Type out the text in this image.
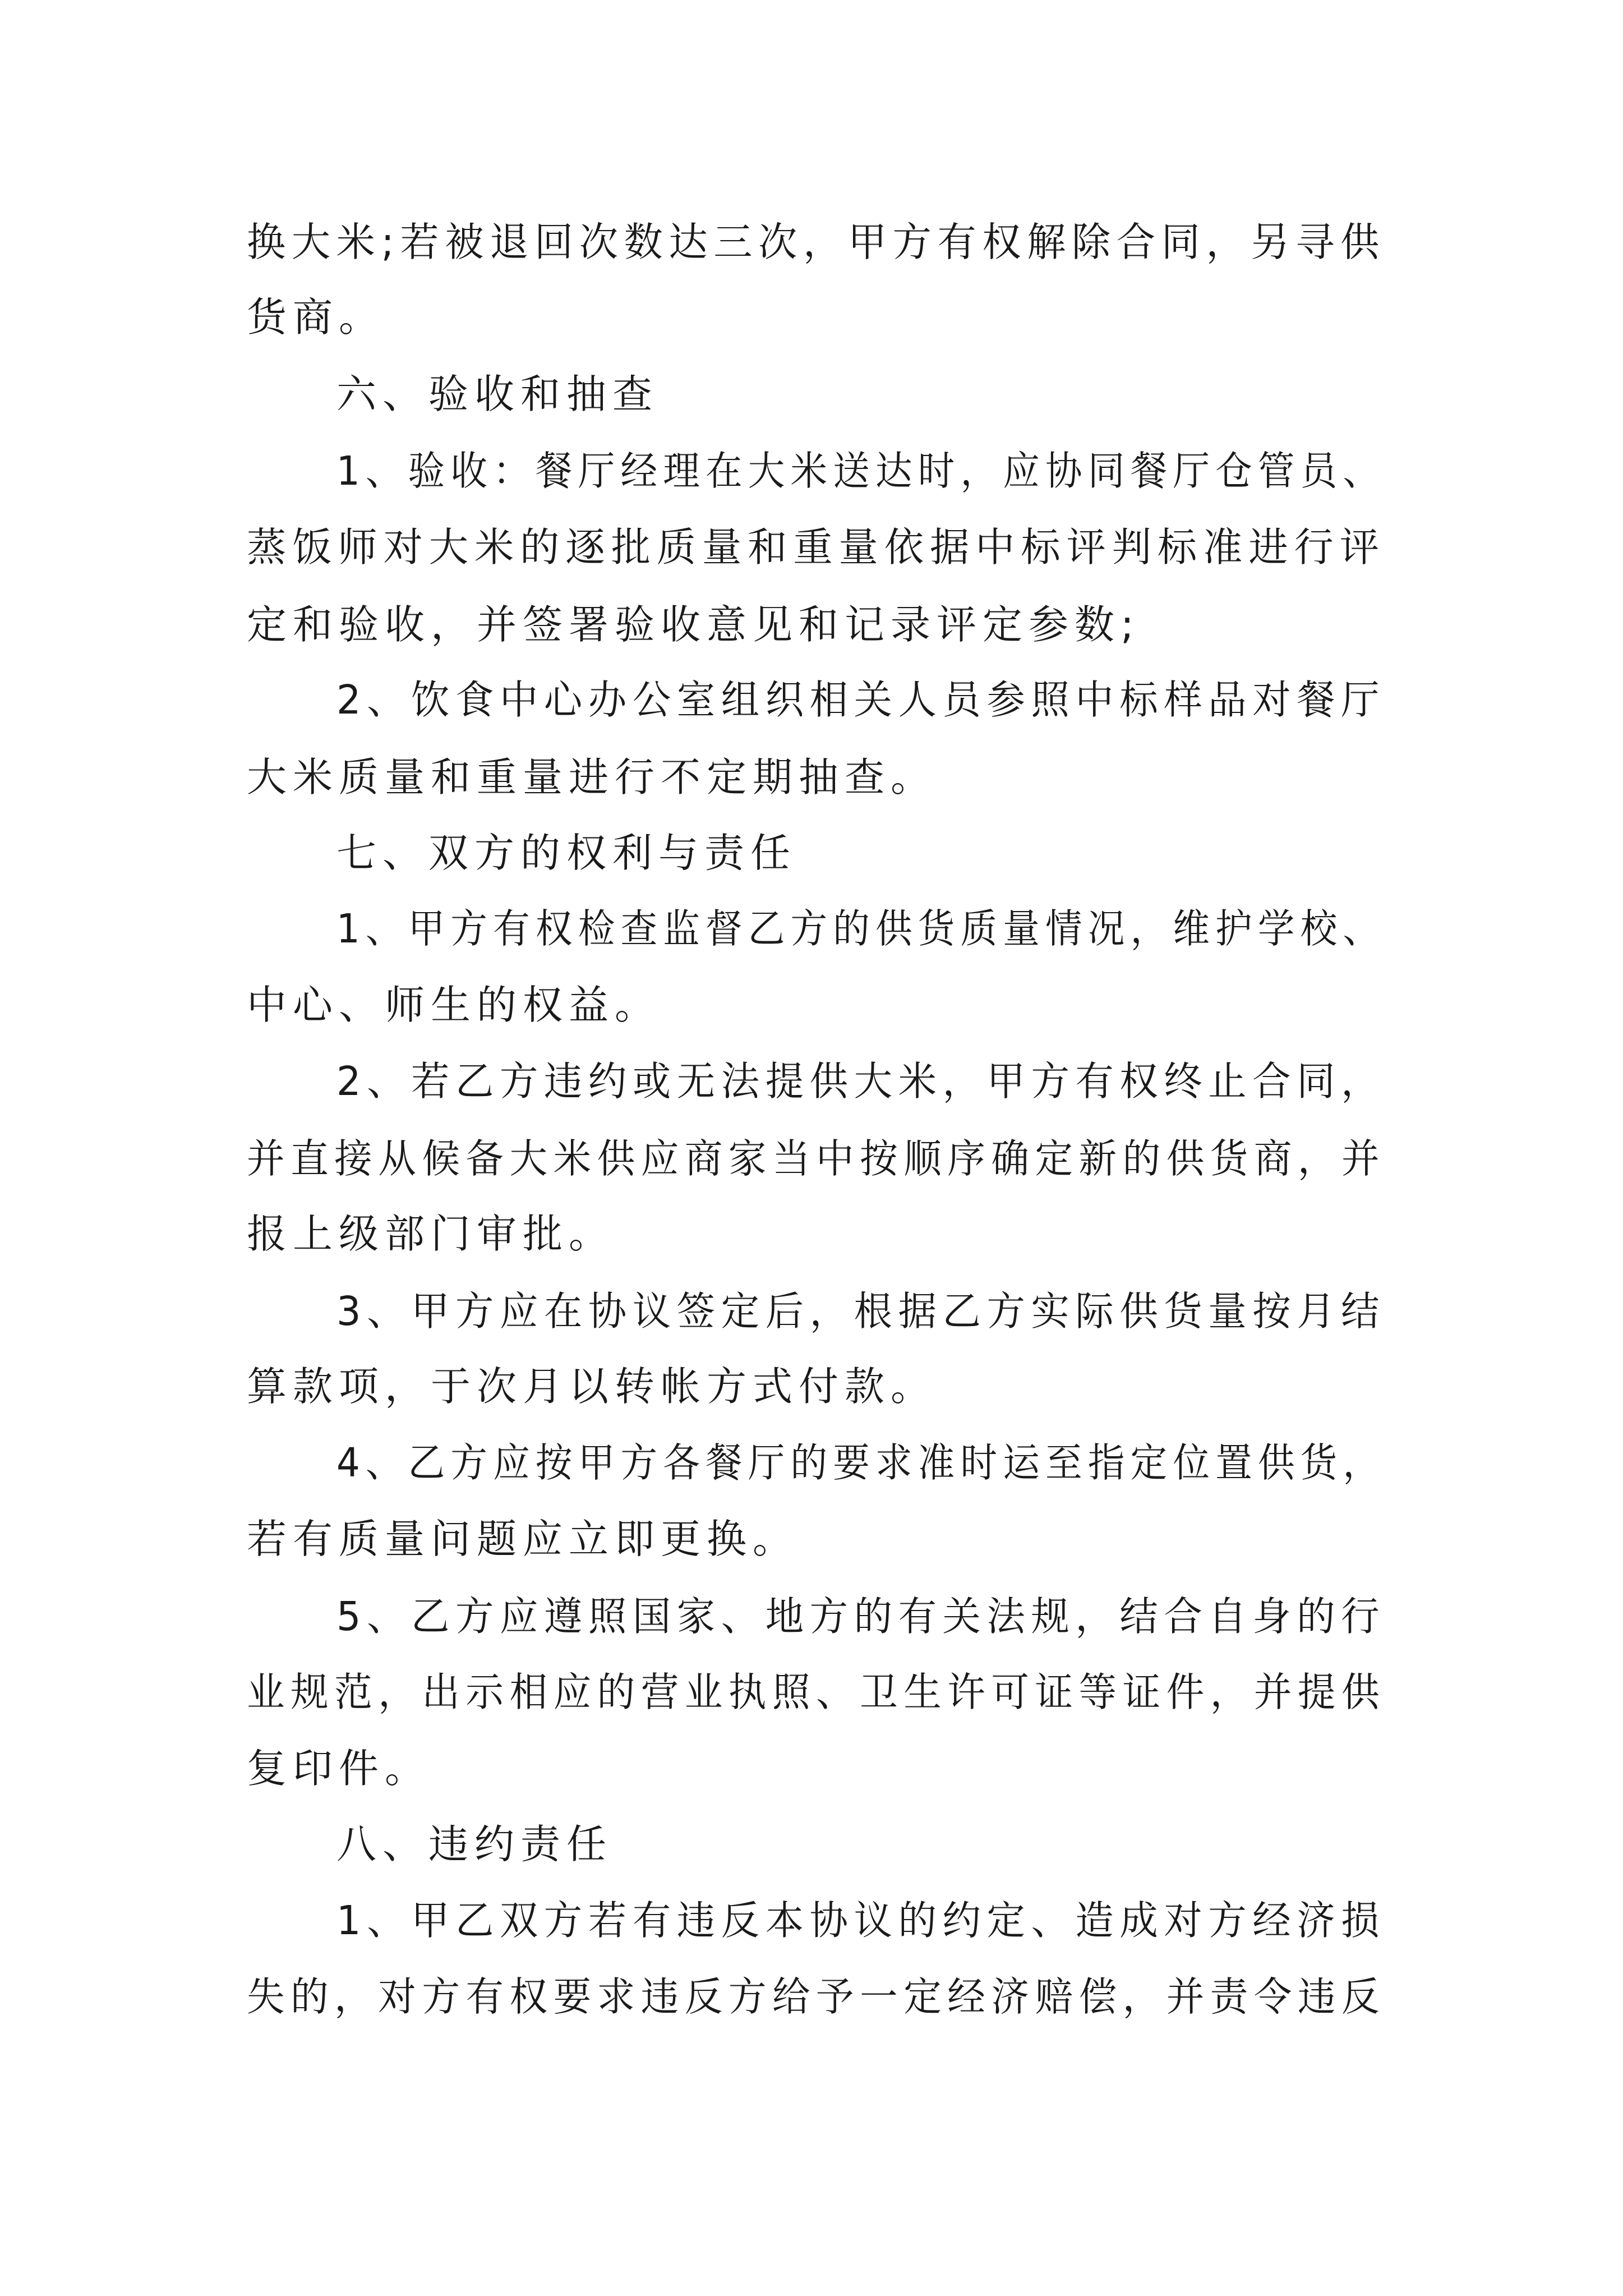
换大米;若被退回次数达三次，甲方有权解除合同，另寻供
货商。
六、验收和抽查
1、验收：餐厅经理在大米送达时，应协同餐厅仓管员、
蒸饭师对大米的逐批质量和重量依据中标评判标准进行评
定和验收，并签署验收意见和记录评定参数;
2、饮食中心办公室组织相关人员参照中标样品对餐厅
大米质量和重量进行不定期抽查。
七、双方的权利与责任
1、甲方有权检查监督乙方的供货质量情况，维护学校、
中心、师生的权益。
2、若乙方违约或无法提供大米，甲方有权终止合同，
并直接从候备大米供应商家当中按顺序确定新的供货商，并
报上级部门审批。
3、甲方应在协议签定后，根据乙方实际供货量按月结
算款项，于次月以转帐方式付款。
4、乙方应按甲方各餐厅的要求准时运至指定位置供货，
若有质量问题应立即更换。
5、乙方应遵照国家、地方的有关法规，结合自身的行
业规范，出示相应的营业执照、卫生许可证等证件，并提供
复印件。
八、违约责任
1、甲乙双方若有违反本协议的约定、造成对方经济损
失的，对方有权要求违反方给予一定经济赔偿，并责令违反
